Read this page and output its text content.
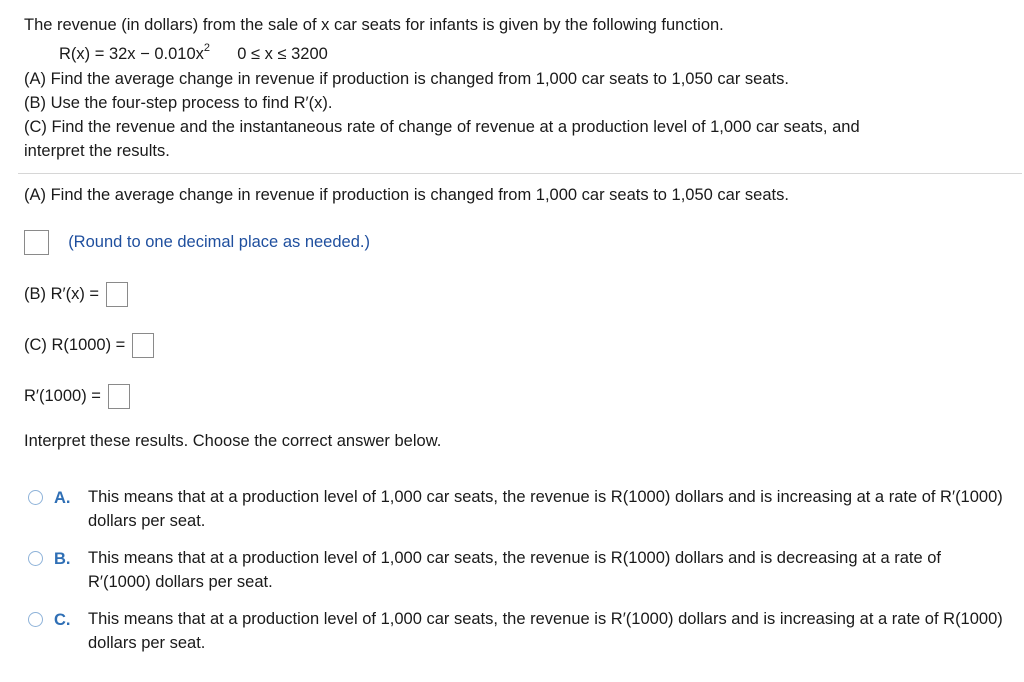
The revenue (in dollars) from the sale of x car seats for infants is given by the following function.
$R(x) = 32x - 0.010x^2$ 0 ≤ x ≤ 3200
(A) Find the average change in revenue if production is changed from 1,000 car seats to 1,050 car seats.
(B) Use the four-step process to find R′(x).
(C) Find the revenue and the instantaneous rate of change of revenue at a production level of 1,000 car seats, and
interpret the results.
(A) Find the average change in revenue if production is changed from 1,000 car seats to 1,050 car seats.
(Round to one decimal place as needed.)
(B) R′(x) =
(C) R(1000) =
R′(1000) =
Interpret these results. Choose the correct answer below.
A. This means that at a production level of 1,000 car seats, the revenue is R(1000) dollars and is increasing at a rate of R′(1000) dollars per seat.
B. This means that at a production level of 1,000 car seats, the revenue is R(1000) dollars and is decreasing at a rate of R′(1000) dollars per seat.
C. This means that at a production level of 1,000 car seats, the revenue is R′(1000) dollars and is increasing at a rate of R(1000) dollars per seat.
